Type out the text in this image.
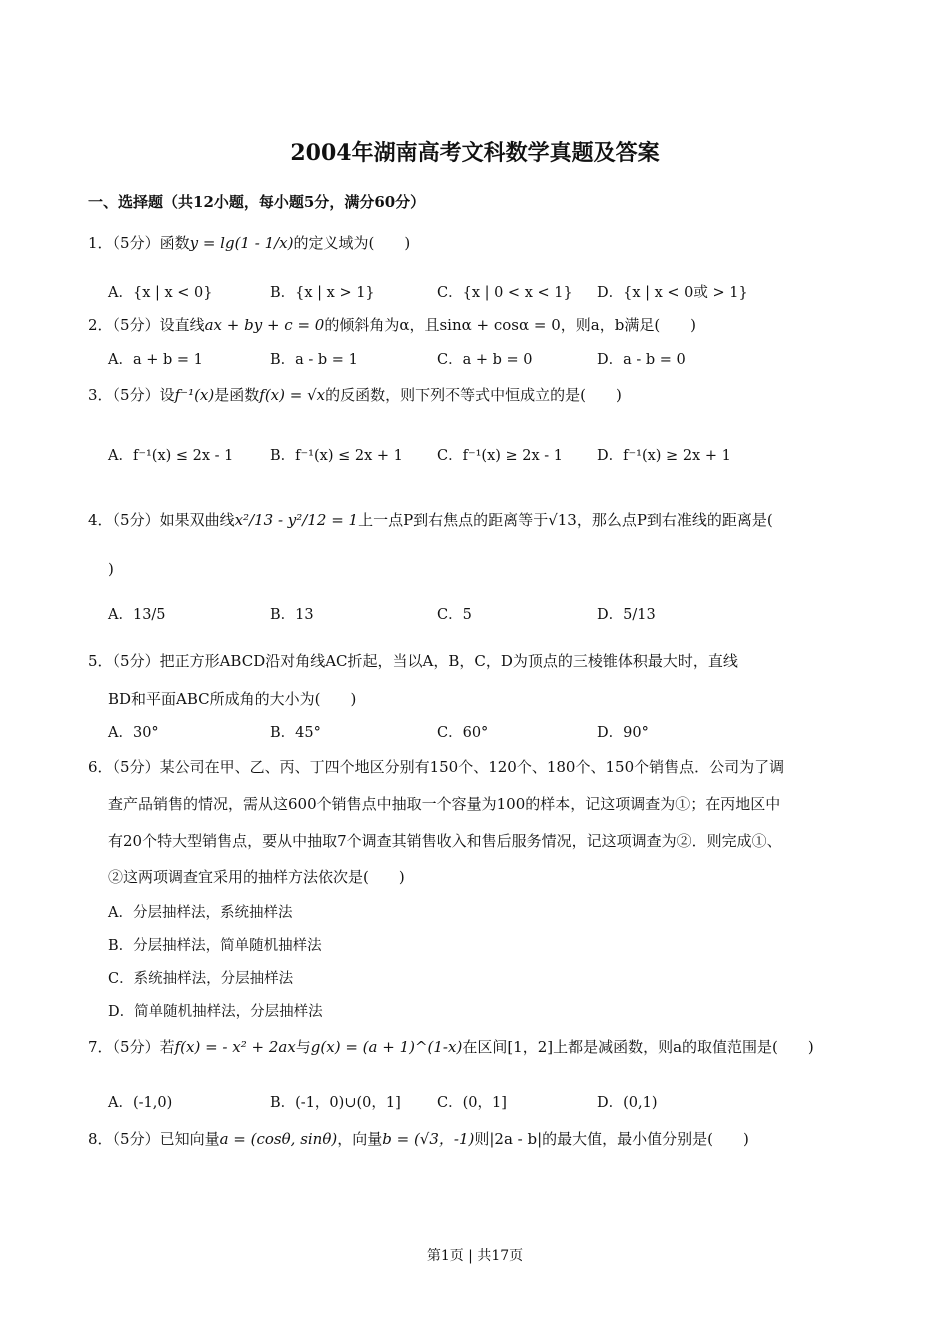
2004年湖南高考文科数学真题及答案
一、选择题（共12小题，每小题5分，满分60分）
1．（5分）函数y = lg(1 - 1/x)的定义域为(　　)
A．{x | x < 0}	B．{x | x > 1}	C．{x | 0 < x < 1} D．{x | x < 0或 > 1}
2．（5分）设直线ax + by + c = 0的倾斜角为α，且sinα + cosα = 0，则a，b满足(　　)
A．a + b = 1	B．a - b = 1	C．a + b = 0	D．a - b = 0
3．（5分）设f⁻¹(x)是函数f(x) = √x的反函数，则下列不等式中恒成立的是(　　)
A．f⁻¹(x) ≤ 2x - 1	B．f⁻¹(x) ≤ 2x + 1 C．f⁻¹(x) ≥ 2x - 1 D．f⁻¹(x) ≥ 2x + 1
4．（5分）如果双曲线x²/13 - y²/12 = 1上一点P到右焦点的距离等于√13，那么点P到右准线的距离是(
)
A．13/5	B．13	C．5	D．5/13
5．（5分）把正方形ABCD沿对角线AC折起，当以A，B，C，D为顶点的三棱锥体积最大时，直线
BD和平面ABC所成角的大小为(　　)
A．30°	B．45°	C．60°	D．90°
6．（5分）某公司在甲、乙、丙、丁四个地区分别有150个、120个、180个、150个销售点．公司为了调
查产品销售的情况，需从这600个销售点中抽取一个容量为100的样本，记这项调查为①；在丙地区中
有20个特大型销售点，要从中抽取7个调查其销售收入和售后服务情况，记这项调查为②．则完成①、
②这两项调查宜采用的抽样方法依次是(　　)
A．分层抽样法，系统抽样法
B．分层抽样法，简单随机抽样法
C．系统抽样法，分层抽样法
D．简单随机抽样法，分层抽样法
7．（5分）若f(x) = - x² + 2ax与g(x) = (a + 1)^(1-x)在区间[1，2]上都是减函数，则a的取值范围是(　　)
A．(-1,0)	B．(-1，0)∪(0，1]	C．(0，1]	D．(0,1)
8．（5分）已知向量a = (cosθ, sinθ)，向量b = (√3，-1)则|2a - b|的最大值，最小值分别是(　　)
第1页 | 共17页
